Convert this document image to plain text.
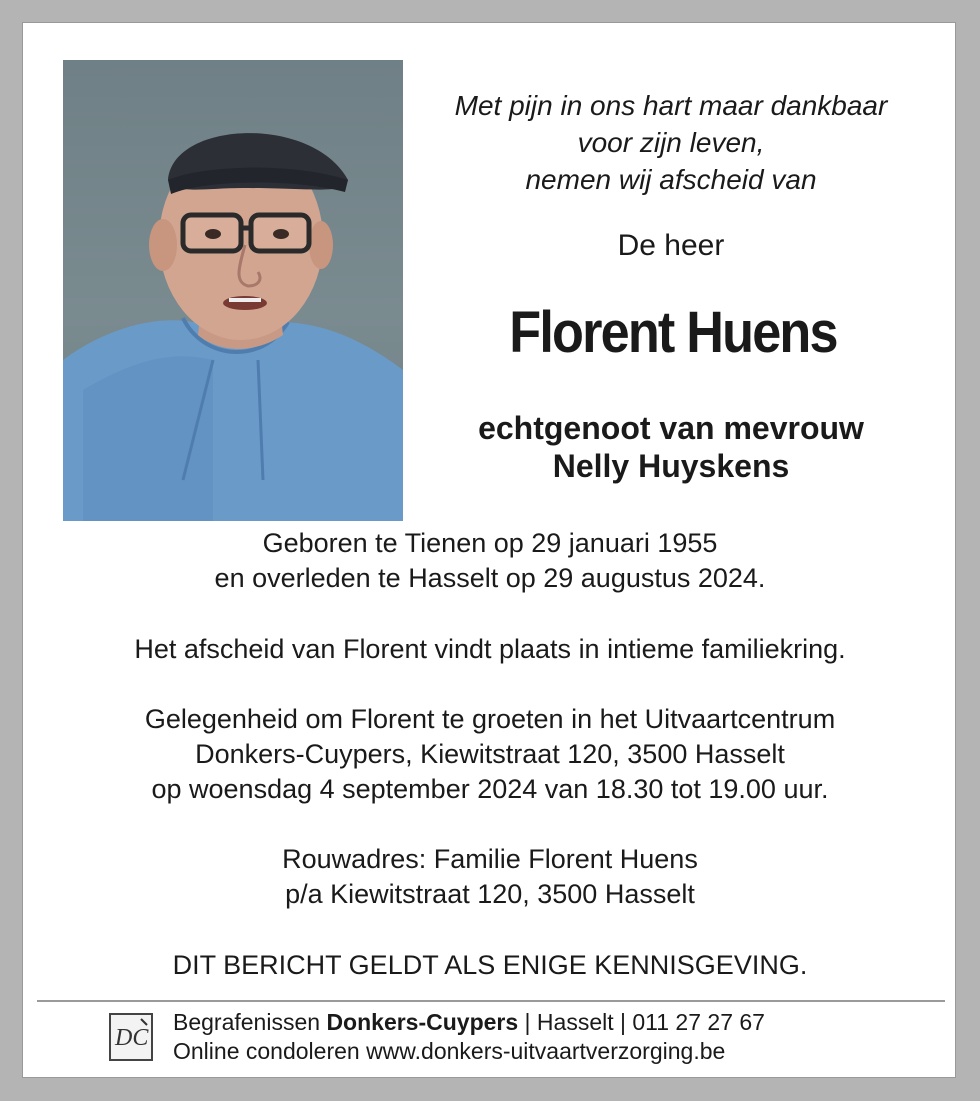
Met pijn in ons hart maar dankbaar
voor zijn leven,
nemen wij afscheid van
De heer
Florent Huens
echtgenoot van mevrouw
Nelly Huyskens
Geboren te Tienen op 29 januari 1955
en overleden te Hasselt op 29 augustus 2024.
Het afscheid van Florent vindt plaats in intieme familiekring.
Gelegenheid om Florent te groeten in het Uitvaartcentrum
Donkers-Cuypers, Kiewitstraat 120, 3500 Hasselt
op woensdag 4 september 2024 van 18.30 tot 19.00 uur.
Rouwadres: Familie Florent Huens
p/a Kiewitstraat 120, 3500 Hasselt
DIT BERICHT GELDT ALS ENIGE KENNISGEVING.
DC
Begrafenissen Donkers-Cuypers | Hasselt | 011 27 27 67
Online condoleren www.donkers-uitvaartverzorging.be
